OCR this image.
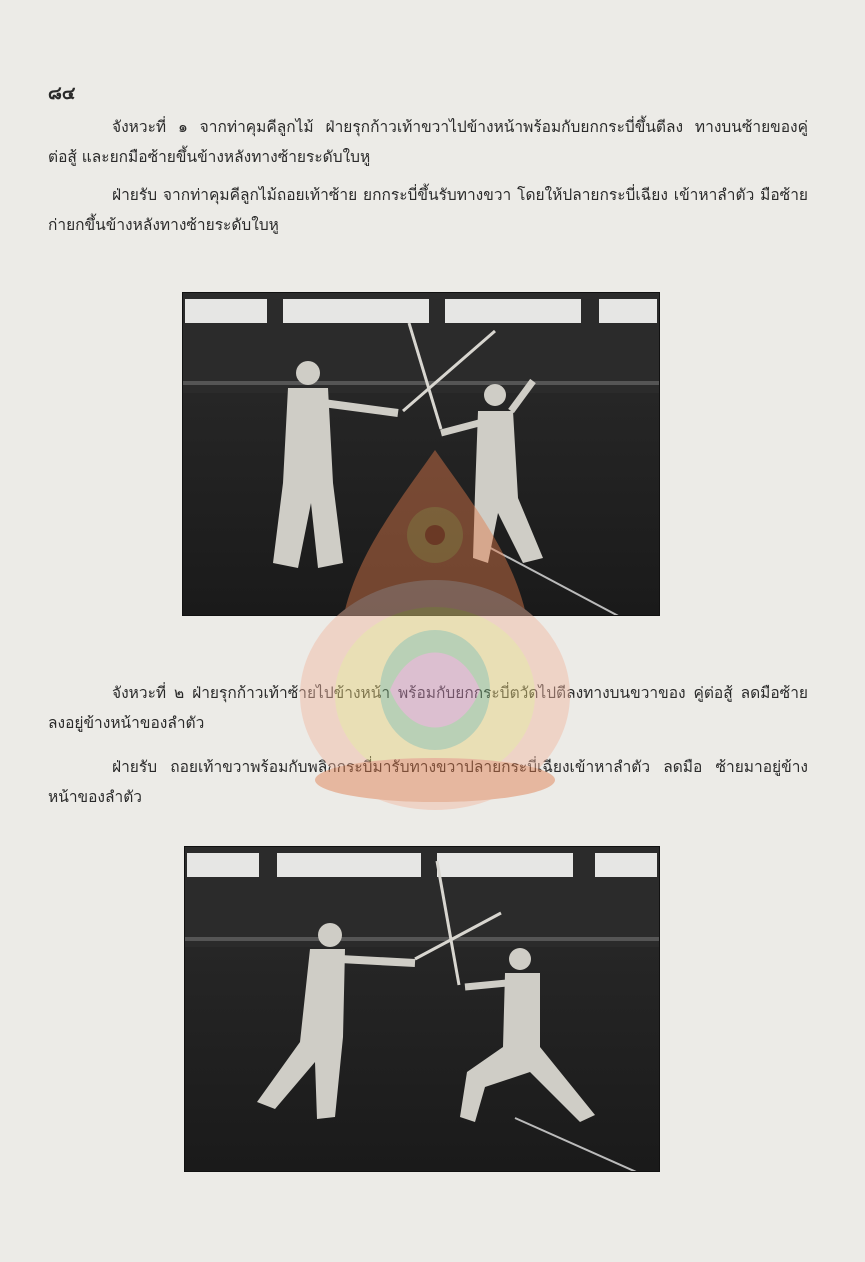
๘๔

จังหวะที่ ๑ จากท่าคุมคีลูกไม้ ฝ่ายรุกก้าวเท้าขวาไปข้างหน้าพร้อมกับยกกระบี่ขึ้นตีลง ทางบนซ้ายของคู่ต่อสู้ และยกมือซ้ายขึ้นข้างหลังทางซ้ายระดับใบหู

ฝ่ายรับ จากท่าคุมคีลูกไม้ถอยเท้าซ้าย ยกกระบี่ขึ้นรับทางขวา โดยให้ปลายกระบี่เฉียง เข้าหาลำตัว มือซ้ายก่ายกขึ้นข้างหลังทางซ้ายระดับใบหู

จังหวะที่ ๒ ฝ่ายรุกก้าวเท้าซ้ายไปข้างหน้า พร้อมกับยกกระบี่ตวัดไปตีลงทางบนขวาของ คู่ต่อสู้ ลดมือซ้ายลงอยู่ข้างหน้าของลำตัว

ฝ่ายรับ ถอยเท้าขวาพร้อมกับพลิกกระบี่มารับทางขวาปลายกระบี่เฉียงเข้าหาลำตัว ลดมือ ซ้ายมาอยู่ข้างหน้าของลำตัว
